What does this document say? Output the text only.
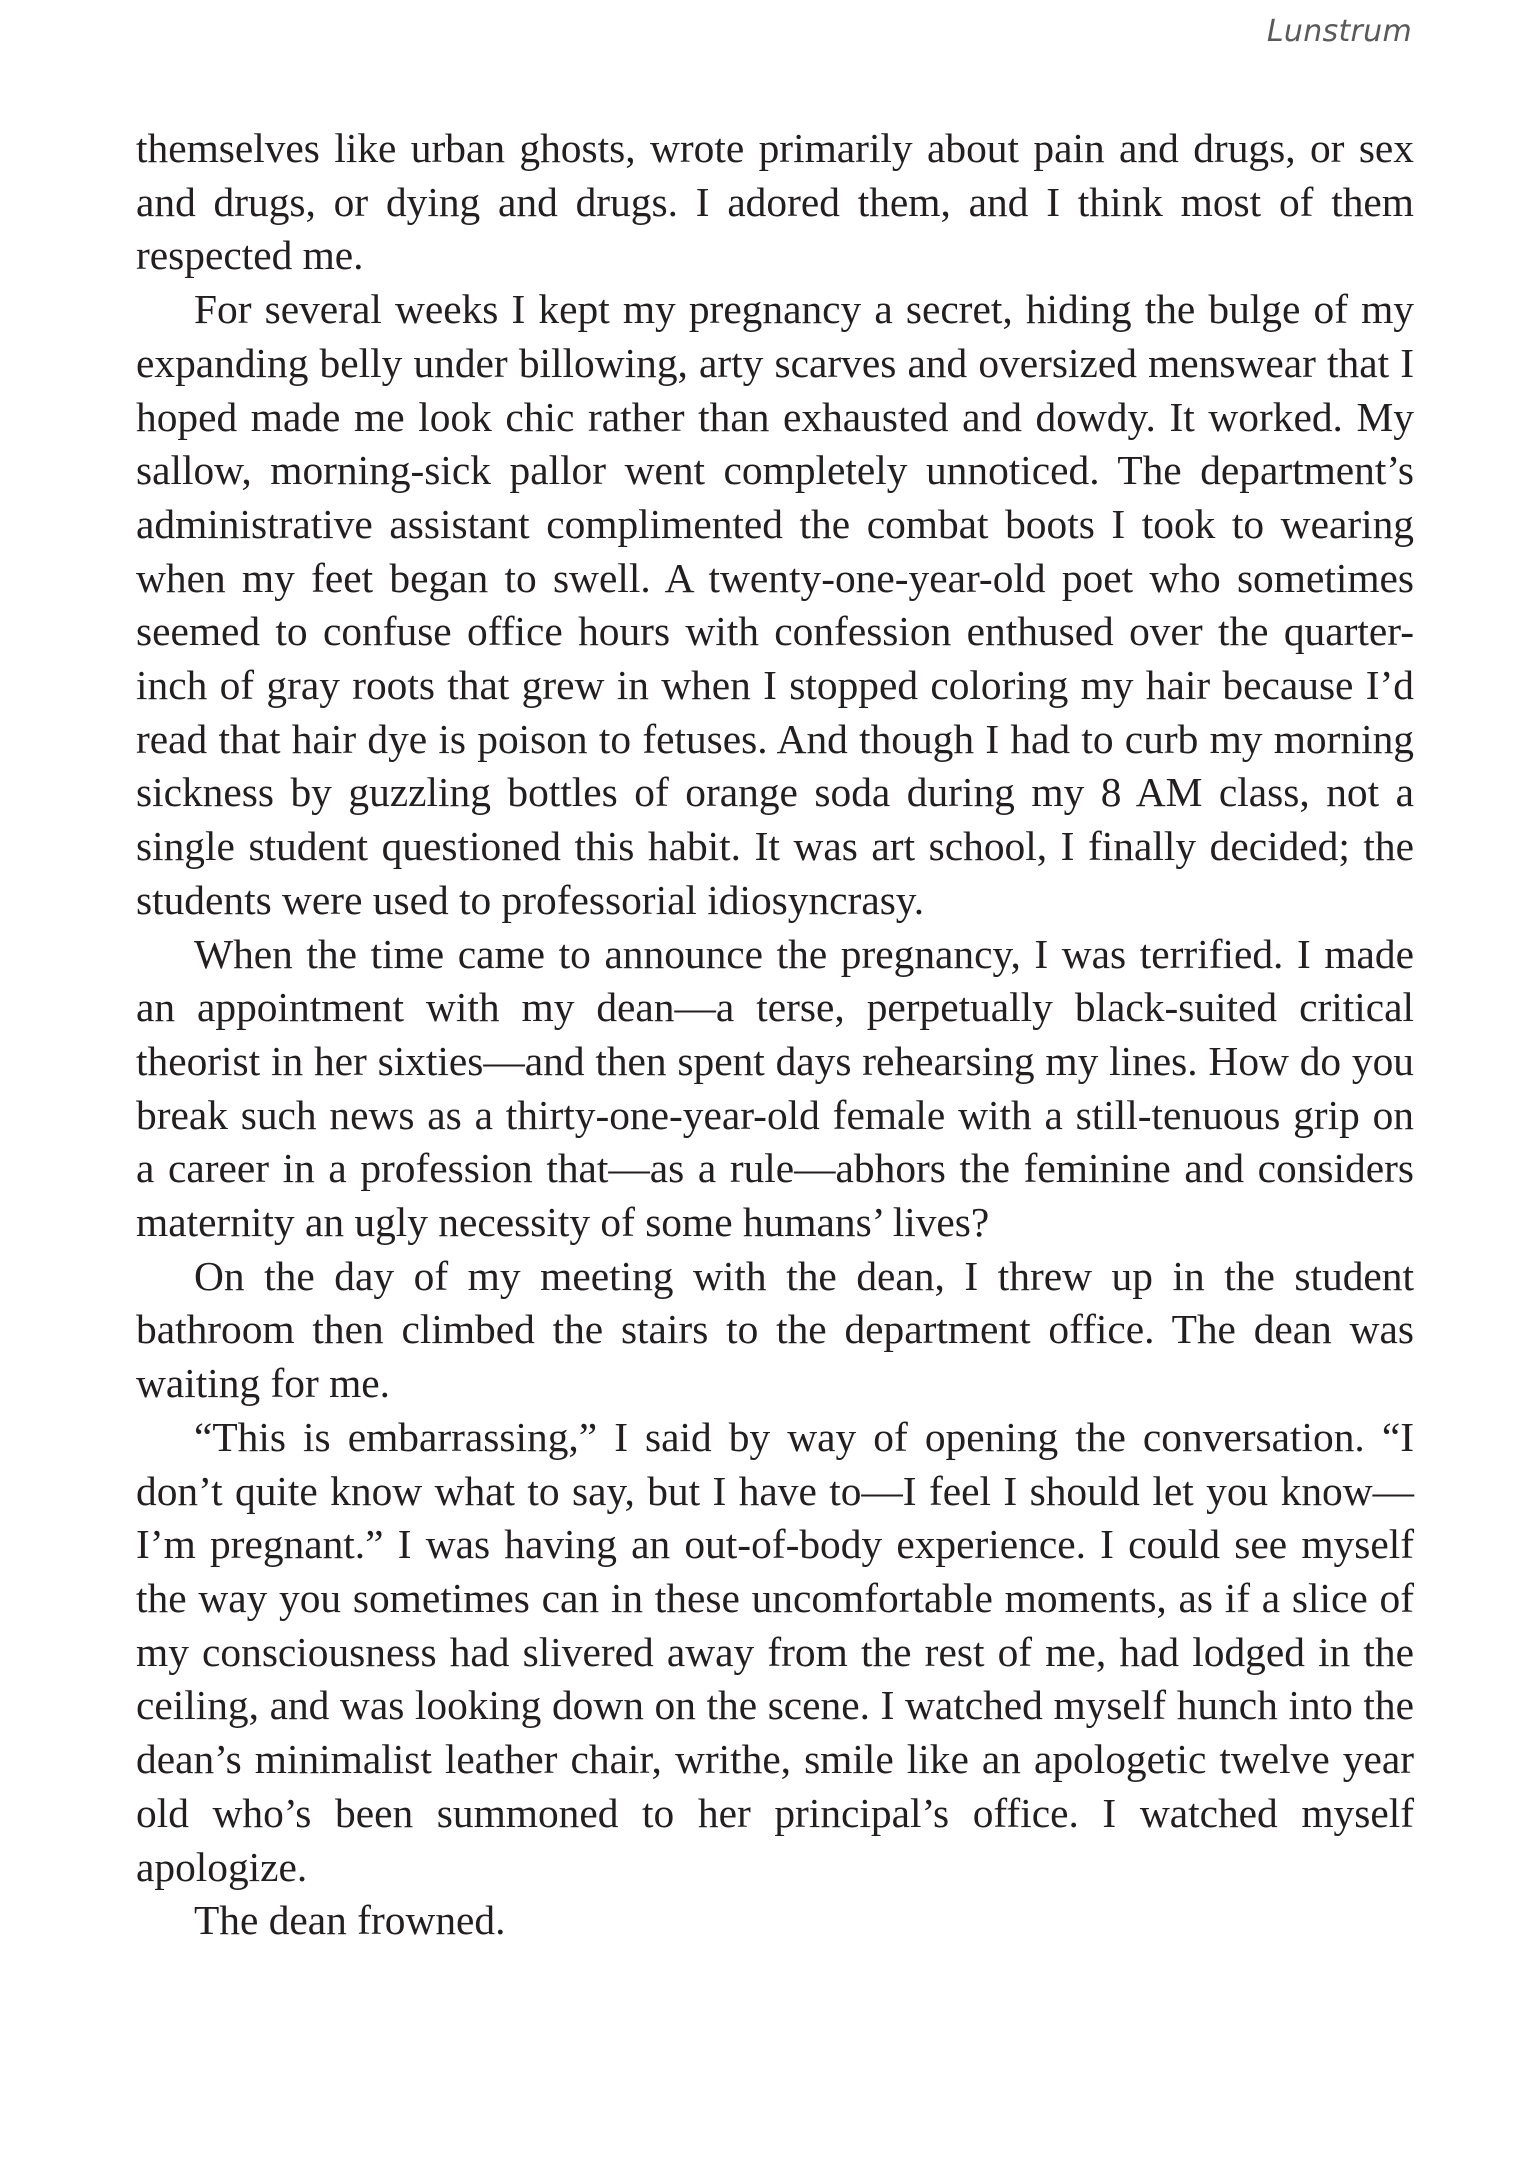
Lunstrum

themselves like urban ghosts, wrote primarily about pain and drugs, or sex and drugs, or dying and drugs. I adored them, and I think most of them respected me.

For several weeks I kept my pregnancy a secret, hiding the bulge of my expanding belly under billowing, arty scarves and oversized menswear that I hoped made me look chic rather than exhausted and dowdy. It worked. My sallow, morning-sick pallor went completely unnoticed. The department’s administrative assistant complimented the combat boots I took to wearing when my feet began to swell. A twenty-one-year-old poet who sometimes seemed to confuse office hours with confession enthused over the quarter-inch of gray roots that grew in when I stopped coloring my hair because I’d read that hair dye is poison to fetuses. And though I had to curb my morning sickness by guzzling bottles of orange soda during my 8 AM class, not a single student questioned this habit. It was art school, I finally decided; the students were used to professorial idiosyncrasy.

When the time came to announce the pregnancy, I was terrified. I made an appointment with my dean—a terse, perpetually black-suited critical theorist in her sixties—and then spent days rehearsing my lines. How do you break such news as a thirty-one-year-old female with a still-tenuous grip on a career in a profession that—as a rule—abhors the feminine and considers maternity an ugly necessity of some humans’ lives?

On the day of my meeting with the dean, I threw up in the student bathroom then climbed the stairs to the department office. The dean was waiting for me.

“This is embarrassing,” I said by way of opening the conversation. “I don’t quite know what to say, but I have to—I feel I should let you know—I’m pregnant.” I was having an out-of-body experience. I could see myself the way you sometimes can in these uncomfortable moments, as if a slice of my consciousness had slivered away from the rest of me, had lodged in the ceiling, and was looking down on the scene. I watched myself hunch into the dean’s minimalist leather chair, writhe, smile like an apologetic twelve year old who’s been summoned to her principal’s office. I watched myself apologize.

The dean frowned.
